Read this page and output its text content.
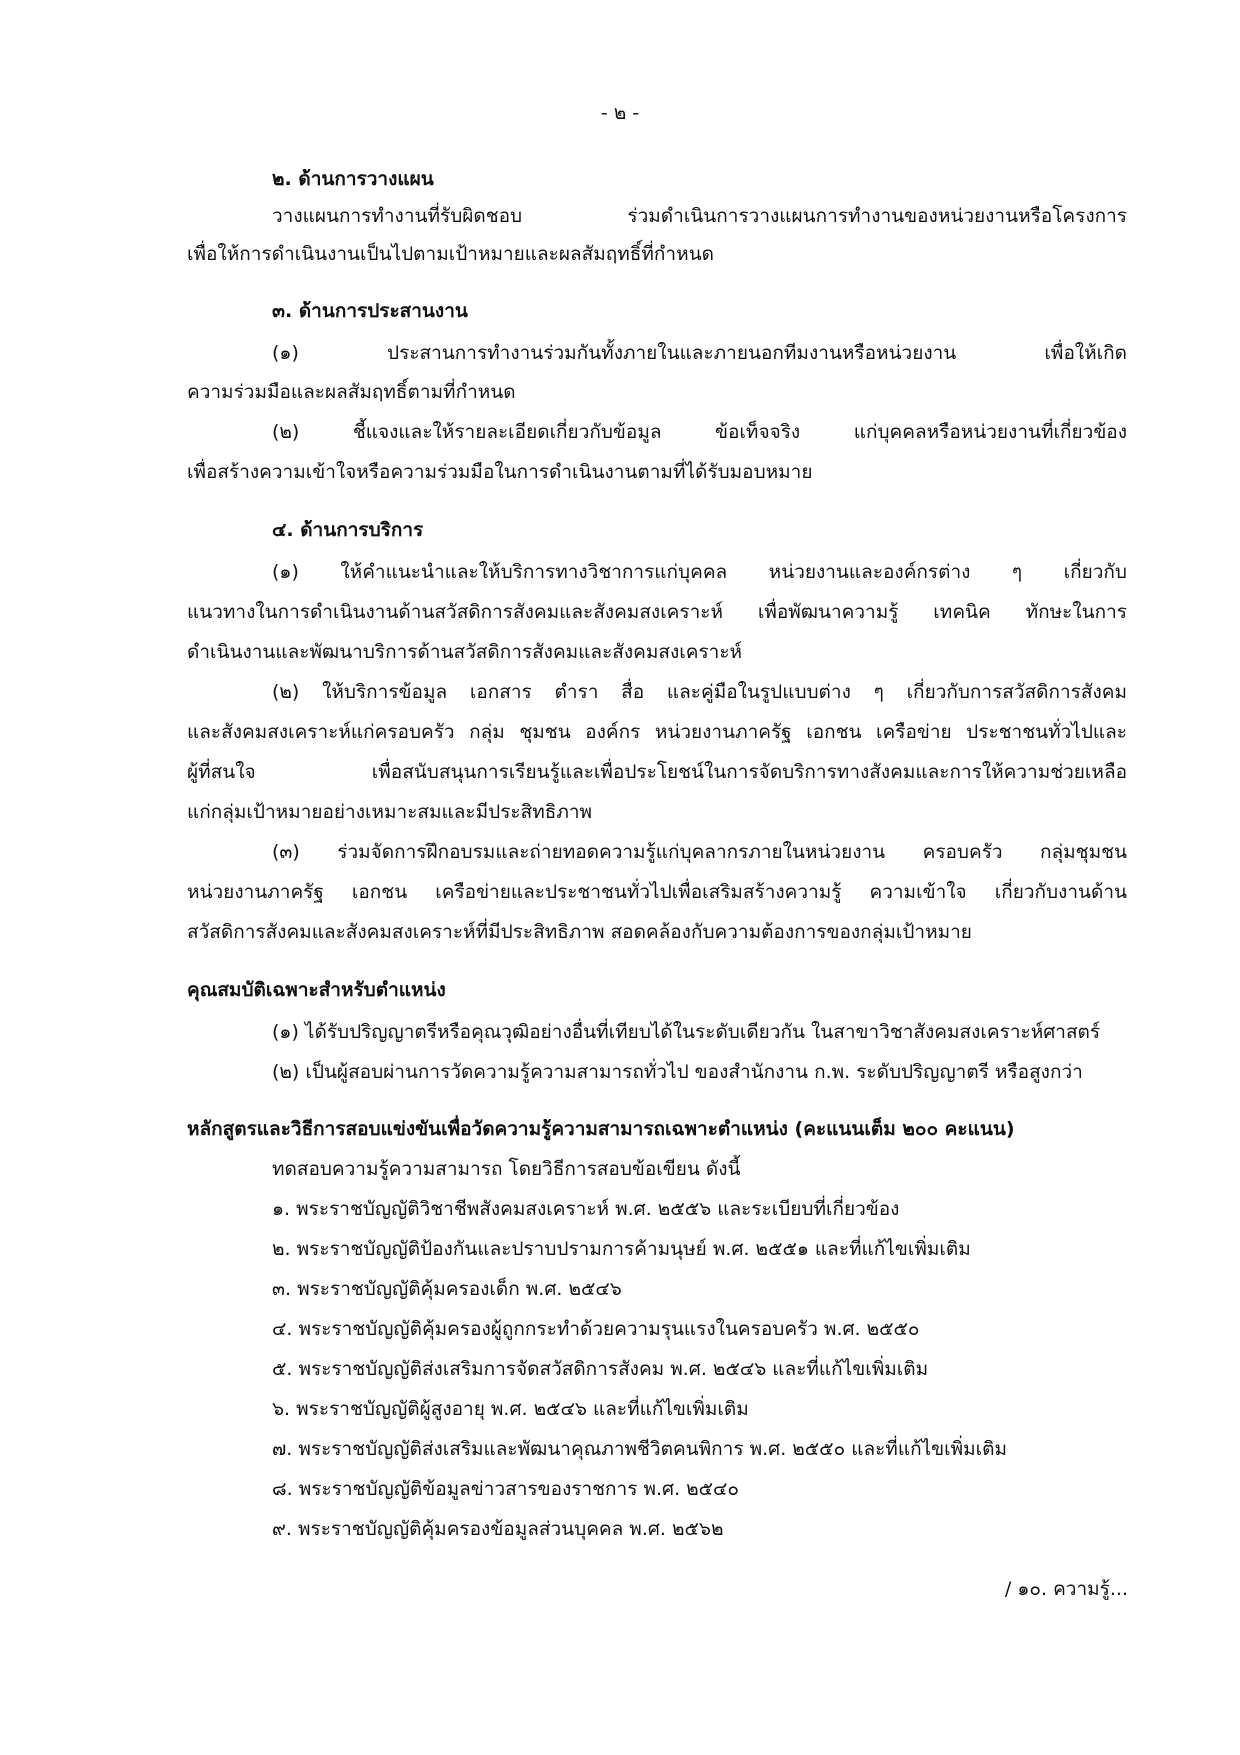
- ๒ -
๒. ด้านการวางแผน
วางแผนการทำงานที่รับผิดชอบ ร่วมดำเนินการวางแผนการทำงานของหน่วยงานหรือโครงการ
เพื่อให้การดำเนินงานเป็นไปตามเป้าหมายและผลสัมฤทธิ์ที่กำหนด
๓. ด้านการประสานงาน
(๑) ประสานการทำงานร่วมกันทั้งภายในและภายนอกทีมงานหรือหน่วยงาน เพื่อให้เกิด
ความร่วมมือและผลสัมฤทธิ์ตามที่กำหนด
(๒) ชี้แจงและให้รายละเอียดเกี่ยวกับข้อมูล ข้อเท็จจริง แก่บุคคลหรือหน่วยงานที่เกี่ยวข้อง
เพื่อสร้างความเข้าใจหรือความร่วมมือในการดำเนินงานตามที่ได้รับมอบหมาย
๔. ด้านการบริการ
(๑) ให้คำแนะนำและให้บริการทางวิชาการแก่บุคคล หน่วยงานและองค์กรต่าง ๆ เกี่ยวกับ
แนวทางในการดำเนินงานด้านสวัสดิการสังคมและสังคมสงเคราะห์ เพื่อพัฒนาความรู้ เทคนิค ทักษะในการ
ดำเนินงานและพัฒนาบริการด้านสวัสดิการสังคมและสังคมสงเคราะห์
(๒) ให้บริการข้อมูล เอกสาร ตำรา สื่อ และคู่มือในรูปแบบต่าง ๆ เกี่ยวกับการสวัสดิการสังคม
และสังคมสงเคราะห์แก่ครอบครัว กลุ่ม ชุมชน องค์กร หน่วยงานภาครัฐ เอกชน เครือข่าย ประชาชนทั่วไปและ
ผู้ที่สนใจ เพื่อสนับสนุนการเรียนรู้และเพื่อประโยชน์ในการจัดบริการทางสังคมและการให้ความช่วยเหลือ
แก่กลุ่มเป้าหมายอย่างเหมาะสมและมีประสิทธิภาพ
(๓) ร่วมจัดการฝึกอบรมและถ่ายทอดความรู้แก่บุคลากรภายในหน่วยงาน ครอบครัว กลุ่มชุมชน
หน่วยงานภาครัฐ เอกชน เครือข่ายและประชาชนทั่วไปเพื่อเสริมสร้างความรู้ ความเข้าใจ เกี่ยวกับงานด้าน
สวัสดิการสังคมและสังคมสงเคราะห์ที่มีประสิทธิภาพ สอดคล้องกับความต้องการของกลุ่มเป้าหมาย
คุณสมบัติเฉพาะสำหรับตำแหน่ง
(๑) ได้รับปริญญาตรีหรือคุณวุฒิอย่างอื่นที่เทียบได้ในระดับเดียวกัน ในสาขาวิชาสังคมสงเคราะห์ศาสตร์
(๒) เป็นผู้สอบผ่านการวัดความรู้ความสามารถทั่วไป ของสำนักงาน ก.พ. ระดับปริญญาตรี หรือสูงกว่า
หลักสูตรและวิธีการสอบแข่งขันเพื่อวัดความรู้ความสามารถเฉพาะตำแหน่ง (คะแนนเต็ม ๒๐๐ คะแนน)
ทดสอบความรู้ความสามารถ โดยวิธีการสอบข้อเขียน ดังนี้
๑. พระราชบัญญัติวิชาชีพสังคมสงเคราะห์ พ.ศ. ๒๕๕๖ และระเบียบที่เกี่ยวข้อง
๒. พระราชบัญญัติป้องกันและปราบปรามการค้ามนุษย์ พ.ศ. ๒๕๕๑ และที่แก้ไขเพิ่มเติม
๓. พระราชบัญญัติคุ้มครองเด็ก พ.ศ. ๒๕๔๖
๔. พระราชบัญญัติคุ้มครองผู้ถูกกระทำด้วยความรุนแรงในครอบครัว พ.ศ. ๒๕๕๐
๕. พระราชบัญญัติส่งเสริมการจัดสวัสดิการสังคม พ.ศ. ๒๕๔๖ และที่แก้ไขเพิ่มเติม
๖. พระราชบัญญัติผู้สูงอายุ พ.ศ. ๒๕๔๖ และที่แก้ไขเพิ่มเติม
๗. พระราชบัญญัติส่งเสริมและพัฒนาคุณภาพชีวิตคนพิการ พ.ศ. ๒๕๕๐ และที่แก้ไขเพิ่มเติม
๘. พระราชบัญญัติข้อมูลข่าวสารของราชการ พ.ศ. ๒๕๔๐
๙. พระราชบัญญัติคุ้มครองข้อมูลส่วนบุคคล พ.ศ. ๒๕๖๒
/ ๑๐. ความรู้...
